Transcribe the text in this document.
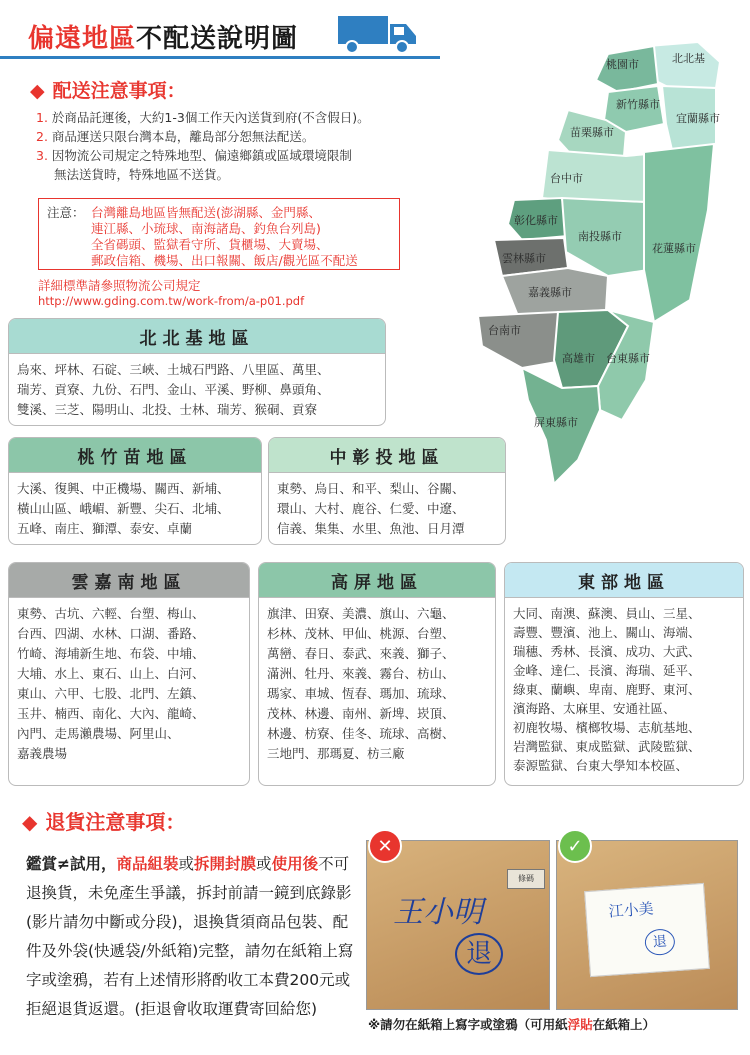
偏遠地區不配送說明圖
◆ 配送注意事項：
1. 於商品託運後，大約1-3個工作天內送貨到府(不含假日)。
2. 商品運送只限台灣本島，離島部分恕無法配送。
3. 因物流公司規定之特殊地型、偏遠鄉鎮或區域環境限制
無法送貨時，特殊地區不送貨。
注意： 台灣離島地區皆無配送(澎湖縣、金門縣、
連江縣、小琉球、南海諸島、釣魚台列島)
全省碼頭、監獄看守所、貨櫃場、大賣場、
郵政信箱、機場、出口報關、飯店/觀光區不配送
詳細標準請參照物流公司規定
http://www.gding.com.tw/work-from/a-p01.pdf
北北基
桃園市
新竹縣市
宜蘭縣市
苗栗縣市
台中市
彰化縣市
南投縣市
花蓮縣市
雲林縣市
嘉義縣市
台南市
高雄市 台東縣市
屏東縣市
北北基地區
烏來、坪林、石碇、三峽、土城石門路、八里區、萬里、
瑞芳、貢寮、九份、石門、金山、平溪、野柳、鼻頭角、
雙溪、三芝、陽明山、北投、士林、瑞芳、猴硐、貢寮
桃竹苗地區
大溪、復興、中正機場、關西、新埔、
橫山山區、峨嵋、新豐、尖石、北埔、
五峰、南庄、獅潭、泰安、卓蘭
中彰投地區
東勢、烏日、和平、梨山、谷關、
環山、大村、鹿谷、仁愛、中遼、
信義、集集、水里、魚池、日月潭
雲嘉南地區
東勢、古坑、六輕、台塑、梅山、
台西、四湖、水林、口湖、番路、
竹崎、海埔新生地、布袋、中埔、
大埔、水上、東石、山上、白河、
東山、六甲、七股、北門、左鎮、
玉井、楠西、南化、大內、龍崎、
內門、走馬瀨農場、阿里山、
嘉義農場
高屏地區
旗津、田寮、美濃、旗山、六龜、
杉林、茂林、甲仙、桃源、台塑、
萬巒、春日、泰武、來義、獅子、
滿洲、牡丹、來義、霧台、枋山、
瑪家、車城、恆春、瑪加、琉球、
茂林、林邊、南州、新埤、崁頂、
林邊、枋寮、佳冬、琉球、高樹、
三地門、那瑪夏、枋三廠
東部地區
大同、南澳、蘇澳、員山、三星、
壽豐、豐濱、池上、關山、海端、
瑞穗、秀林、長濱、成功、大武、
金峰、達仁、長濱、海瑞、延平、
綠東、蘭嶼、卑南、鹿野、東河、
濱海路、太麻里、安通社區、
初鹿牧場、檳榔牧場、志航基地、
岩灣監獄、東成監獄、武陵監獄、
泰源監獄、台東大學知本校區、
◆ 退貨注意事項：
鑑賞≠試用，商品組裝或拆開封膜或使用後不可退換貨，未免產生爭議，拆封前請一鏡到底錄影(影片請勿中斷或分段)，退換貨須商品包裝、配件及外袋(快遞袋/外紙箱)完整，請勿在紙箱上寫字或塗鴉，若有上述情形將酌收工本費200元或拒絕退貨返還。(拒退會收取運費寄回給您)
條碼
王小明
退
✕
江小美
退
✓
※請勿在紙箱上寫字或塗鴉（可用紙浮貼在紙箱上）
